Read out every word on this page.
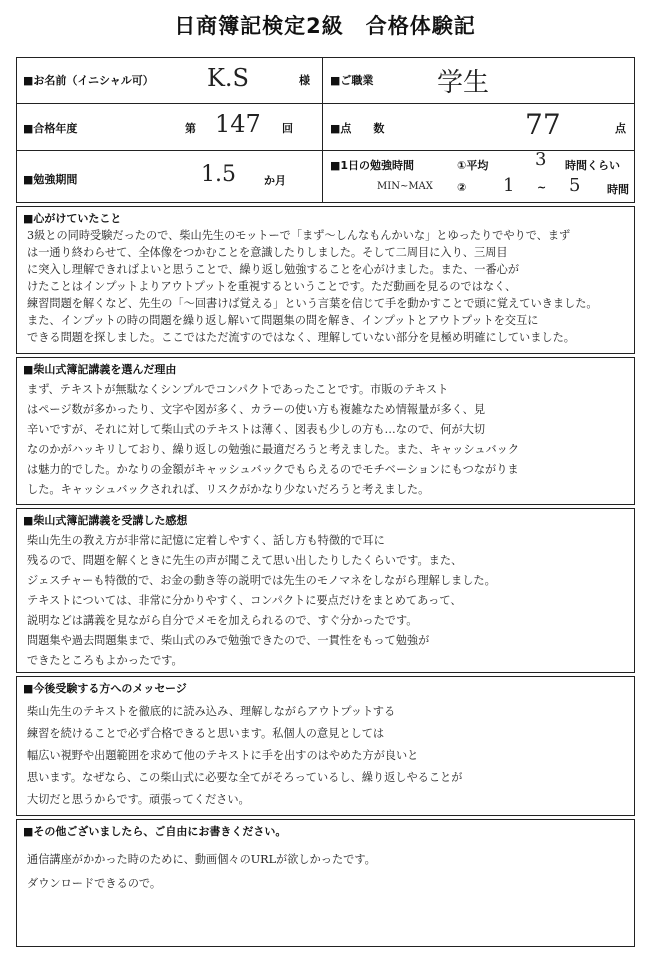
日商簿記検定2級　合格体験記
■お名前（イニシャル可） K.S	様 ■ご職業 学生
■合格年度	第 147 回	■点　　数	77	点
■勉強期間	1.5	か月
■1日の勉強時間	①平均	3 時間くらい
MIN~MAX ② 1 ~ 5 時間
■心がけていたこと
3級との同時受験だったので、柴山先生のモットーで「まず〜しんなもんかいな」とゆったりでやりで、まず
は一通り終わらせて、全体像をつかむことを意識したりしました。そして二周目に入り、三周目
に突入し理解できればよいと思うことで、繰り返し勉強することを心がけました。また、一番心が
けたことはインプットよりアウトプットを重視するということです。ただ動画を見るのではなく、
練習問題を解くなど、先生の「〜回書けば覚える」という言葉を信じて手を動かすことで頭に覚えていきました。
また、インプットの時の問題を繰り返し解いて問題集の問を解き、インプットとアウトプットを交互に
できる問題を探しました。ここではただ流すのではなく、理解していない部分を見極め明確にしていました。
■柴山式簿記講義を選んだ理由
まず、テキストが無駄なくシンプルでコンパクトであったことです。市販のテキスト
はページ数が多かったり、文字や図が多く、カラーの使い方も複雑なため情報量が多く、見
辛いですが、それに対して柴山式のテキストは薄く、図表も少しの方も…なので、何が大切
なのかがハッキリしており、繰り返しの勉強に最適だろうと考えました。また、キャッシュバック
は魅力的でした。かなりの金額がキャッシュバックでもらえるのでモチベーションにもつながりま
した。キャッシュバックされれば、リスクがかなり少ないだろうと考えました。
■柴山式簿記講義を受講した感想
柴山先生の教え方が非常に記憶に定着しやすく、話し方も特徴的で耳に
残るので、問題を解くときに先生の声が聞こえて思い出したりしたくらいです。また、
ジェスチャーも特徴的で、お金の動き等の説明では先生のモノマネをしながら理解しました。
テキストについては、非常に分かりやすく、コンパクトに要点だけをまとめてあって、
説明などは講義を見ながら自分でメモを加えられるので、すぐ分かったです。
問題集や過去問題集まで、柴山式のみで勉強できたので、一貫性をもって勉強が
できたところもよかったです。
■今後受験する方へのメッセージ
柴山先生のテキストを徹底的に読み込み、理解しながらアウトプットする
練習を続けることで必ず合格できると思います。私個人の意見としては
幅広い視野や出題範囲を求めて他のテキストに手を出すのはやめた方が良いと
思います。なぜなら、この柴山式に必要な全てがそろっているし、繰り返しやることが
大切だと思うからです。頑張ってください。
■その他ございましたら、ご自由にお書きください。
通信講座がかかった時のために、動画個々のURLが欲しかったです。
ダウンロードできるので。
